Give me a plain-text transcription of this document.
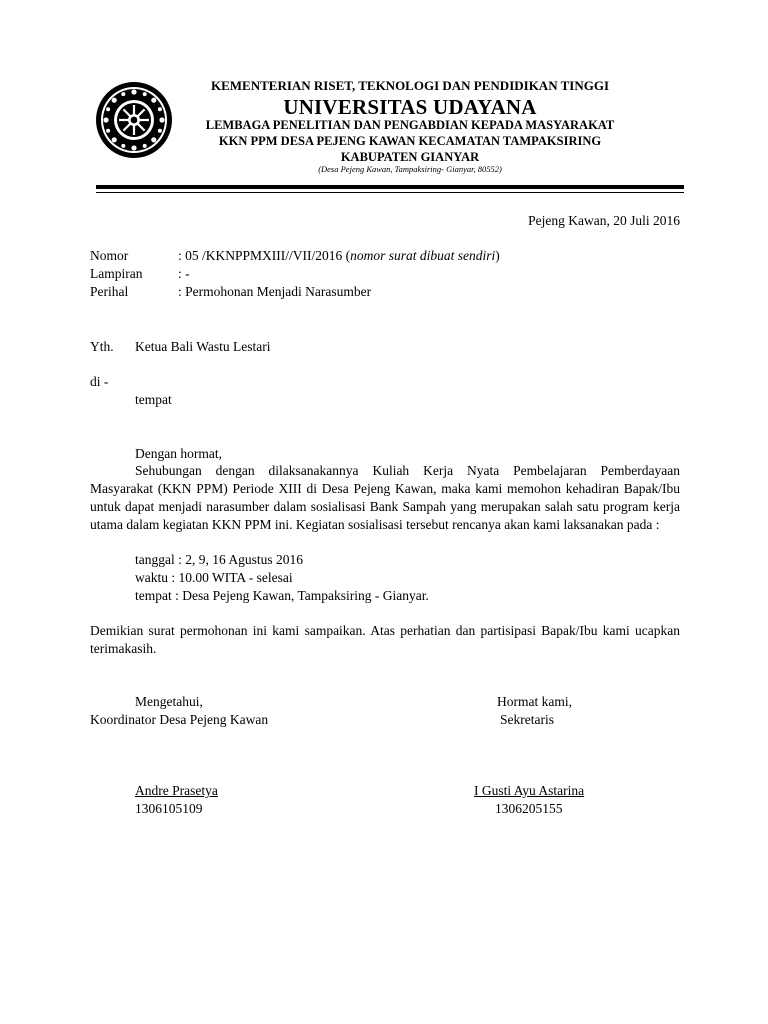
KEMENTERIAN RISET, TEKNOLOGI DAN PENDIDIKAN TINGGI
UNIVERSITAS UDAYANA
LEMBAGA PENELITIAN DAN PENGABDIAN KEPADA MASYARAKAT
KKN PPM DESA PEJENG KAWAN KECAMATAN TAMPAKSIRING
KABUPATEN GIANYAR
(Desa Pejeng Kawan, Tampaksiring- Gianyar, 80552)
Pejeng Kawan, 20 Juli 2016
Nomor	: 05 /KKNPPMXIII//VII/2016 (nomor surat dibuat sendiri)
Lampiran	: -
Perihal	: Permohonan Menjadi Narasumber
Yth. Ketua Bali Wastu Lestari
di -
tempat
Dengan hormat,
Sehubungan dengan dilaksanakannya Kuliah Kerja Nyata Pembelajaran Pemberdayaan
Masyarakat (KKN PPM) Periode XIII di Desa Pejeng Kawan, maka kami memohon kehadiran Bapak/Ibu untuk dapat menjadi narasumber dalam sosialisasi Bank Sampah yang merupakan salah satu program kerja utama dalam kegiatan KKN PPM ini. Kegiatan sosialisasi tersebut rencanya akan kami laksanakan pada :
tanggal : 2, 9, 16 Agustus 2016
waktu : 10.00 WITA - selesai
tempat : Desa Pejeng Kawan, Tampaksiring - Gianyar.
Demikian surat permohonan ini kami sampaikan. Atas perhatian dan partisipasi Bapak/Ibu kami ucapkan terimakasih.
Mengetahui,
Koordinator Desa Pejeng Kawan
Andre Prasetya
1306105109
Hormat kami,
Sekretaris
I Gusti Ayu Astarina
1306205155
